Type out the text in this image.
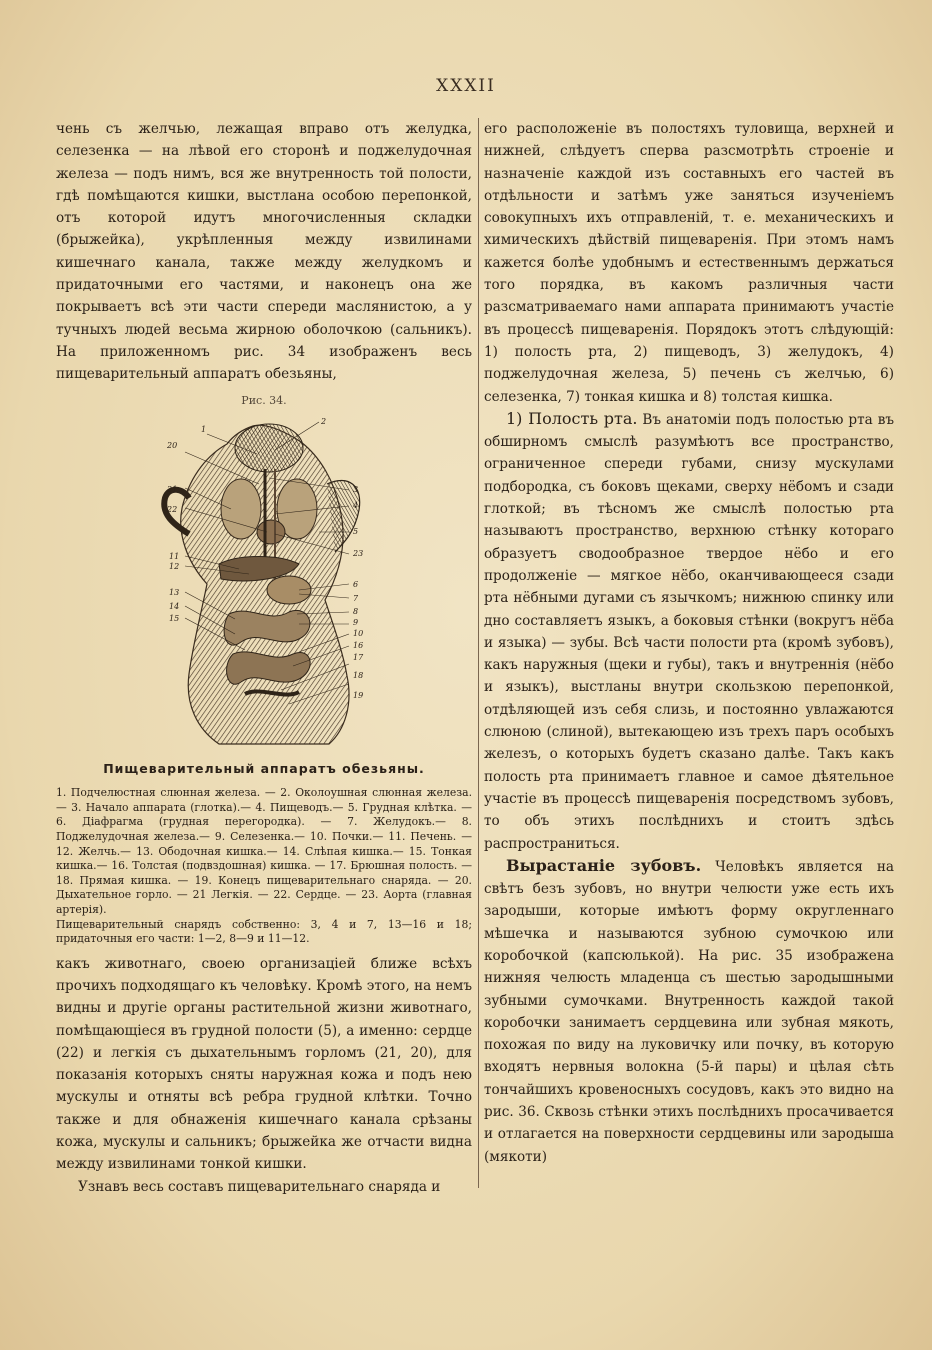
XXXII

чень съ желчью, лежащая вправо отъ желудка, селезенка — на лѣвой его сторонѣ и поджелудочная железа — подъ нимъ, вся же внутренность той полости, гдѣ помѣщаются кишки, выстлана особою перепонкой, отъ которой идутъ многочисленныя складки (брыжейка), укрѣпленныя между извилинами кишечнаго канала, также между желудкомъ и придаточными его частями, и наконецъ она же покрываетъ всѣ эти части спереди маслянистою, а у тучныхъ людей весьма жирною оболочкою (сальникъ). На приложенномъ рис. 34 изображенъ весь пищеварительный аппаратъ обезьяны,

Рис. 34.
1
2
20
21
22
3
4
5
23
11
12
13
14
15
6
7
8
9
10
16
17
18
19
Пищеварительный аппаратъ обезьяны.

1. Подчелюстная слюнная железа. — 2. Околоушная слюнная железа.— 3. Начало аппарата (глотка).— 4. Пищеводъ.— 5. Грудная клѣтка. — 6. Діафрагма (грудная перегородка). — 7. Желудокъ.— 8. Поджелудочная железа.— 9. Селезенка.— 10. Почки.— 11. Печень. — 12. Желчь.— 13. Ободочная кишка.— 14. Слѣпая кишка.— 15. Тонкая кишка.— 16. Толстая (подвздошная) кишка. — 17. Брюшная полость. — 18. Прямая кишка. — 19. Конецъ пищеварительнаго снаряда. — 20. Дыхательное горло. — 21 Легкія. — 22. Сердце. — 23. Аорта (главная артерія).

Пищеварительный снарядъ собственно: 3, 4 и 7, 13—16 и 18; придаточныя его части: 1—2, 8—9 и 11—12.

какъ животнаго, своею организаціей ближе всѣхъ прочихъ подходящаго къ человѣку. Кромѣ этого, на немъ видны и другіе органы растительной жизни животнаго, помѣщающіеся въ грудной полости (5), а именно: сердце (22) и легкія съ дыхательнымъ горломъ (21, 20), для показанія которыхъ сняты наружная кожа и подъ нею мускулы и отняты всѣ ребра грудной клѣтки. Точно также и для обнаженія кишечнаго канала срѣзаны кожа, мускулы и сальникъ; брыжейка же отчасти видна между извилинами тонкой кишки.

Узнавъ весь составъ пищеварительнаго снаряда и

его расположеніе въ полостяхъ туловища, верхней и нижней, слѣдуетъ сперва разсмотрѣть строеніе и назначеніе каждой изъ составныхъ его частей въ отдѣльности и затѣмъ уже заняться изученіемъ совокупныхъ ихъ отправленій, т. е. механическихъ и химическихъ дѣйствій пищеваренія. При этомъ намъ кажется болѣе удобнымъ и естественнымъ держаться того порядка, въ какомъ различныя части разсматриваемаго нами аппарата принимаютъ участіе въ процессѣ пищеваренія. Порядокъ этотъ слѣдующій: 1) полость рта, 2) пищеводъ, 3) желудокъ, 4) поджелудочная железа, 5) печень съ желчью, 6) селезенка, 7) тонкая кишка и 8) толстая кишка.

1) Полость рта. Въ анатоміи подъ полостью рта въ обширномъ смыслѣ разумѣютъ все пространство, ограниченное спереди губами, снизу мускулами подбородка, съ боковъ щеками, сверху нёбомъ и сзади глоткой; въ тѣсномъ же смыслѣ полостью рта называютъ пространство, верхнюю стѣнку котораго образуетъ сводообразное твердое нёбо и его продолженіе — мягкое нёбо, оканчивающееся сзади рта нёбными дугами съ язычкомъ; нижнюю спинку или дно составляетъ языкъ, а боковыя стѣнки (вокругъ нёба и языка) — зубы. Всѣ части полости рта (кромѣ зубовъ), какъ наружныя (щеки и губы), такъ и внутреннія (нёбо и языкъ), выстланы внутри скользкою перепонкой, отдѣляющей изъ себя слизь, и постоянно увлажаются слюною (слиной), вытекающею изъ трехъ паръ особыхъ железъ, о которыхъ будетъ сказано далѣе. Такъ какъ полость рта принимаетъ главное и самое дѣятельное участіе въ процессѣ пищеваренія посредствомъ зубовъ, то объ этихъ послѣднихъ и стоитъ здѣсь распространиться.

Вырастаніе зубовъ. Человѣкъ является на свѣтъ безъ зубовъ, но внутри челюсти уже есть ихъ зародыши, которые имѣютъ форму округленнаго мѣшечка и называются зубною сумочкою или коробочкой (капсюлькой). На рис. 35 изображена нижняя челюсть младенца съ шестью зародышными зубными сумочками. Внутренность каждой такой коробочки занимаетъ сердцевина или зубная мякоть, похожая по виду на луковичку или почку, въ которую входятъ нервныя волокна (5-й пары) и цѣлая сѣть тончайшихъ кровеносныхъ сосудовъ, какъ это видно на рис. 36. Сквозь стѣнки этихъ послѣднихъ просачивается и отлагается на поверхности сердцевины или зародыша (мякоти)
